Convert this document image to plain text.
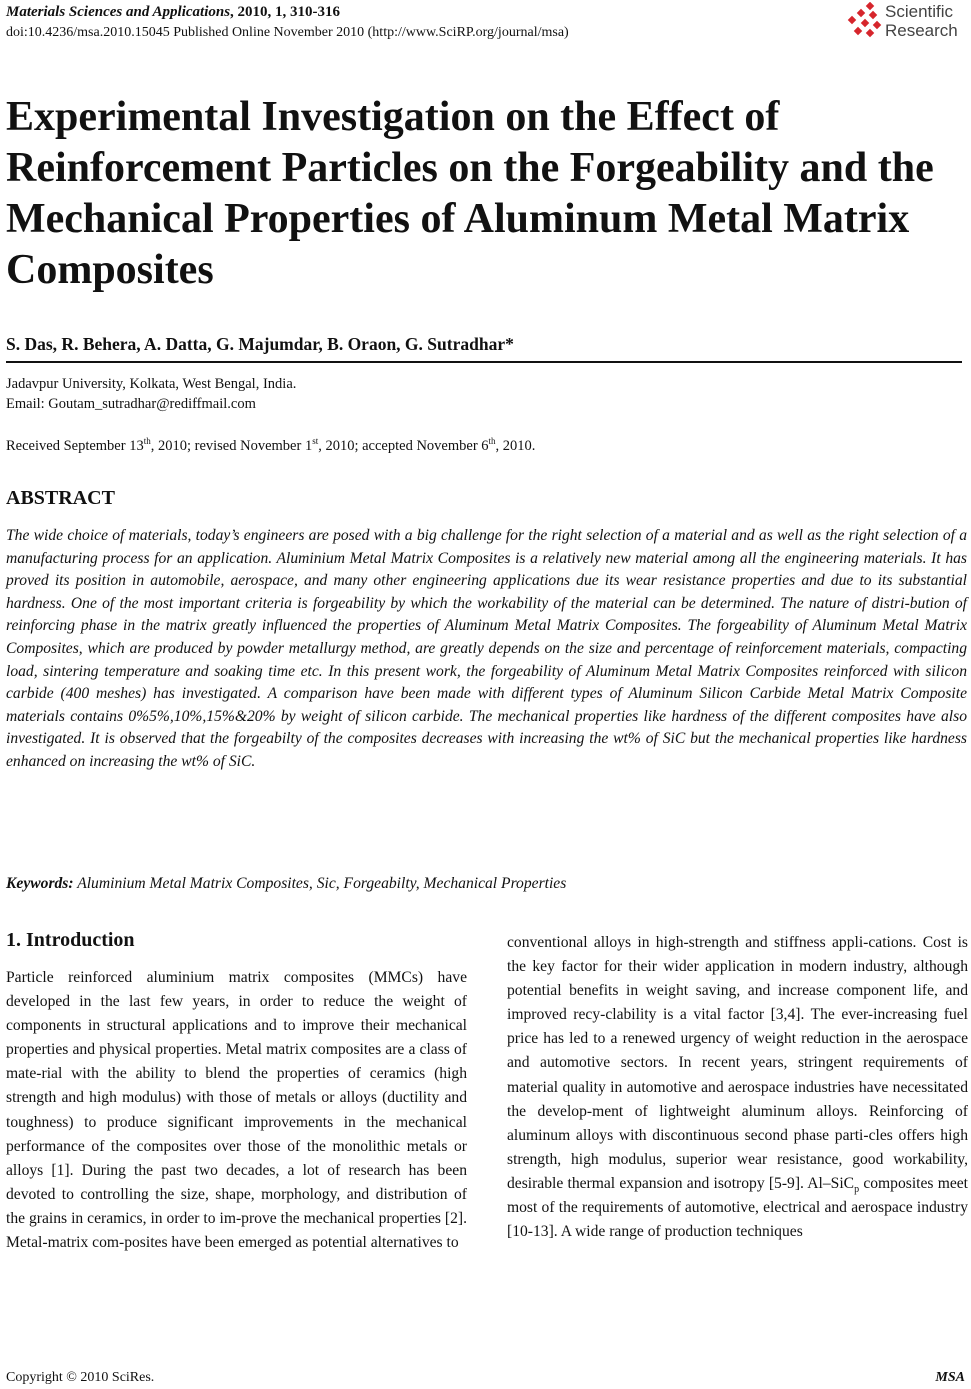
Materials Sciences and Applications, 2010, 1, 310-316
doi:10.4236/msa.2010.15045 Published Online November 2010 (http://www.SciRP.org/journal/msa)
Scientific
Research
Experimental Investigation on the Effect of Reinforcement Particles on the Forgeability and the Mechanical Properties of Aluminum Metal Matrix Composites
S. Das, R. Behera, A. Datta, G. Majumdar, B. Oraon, G. Sutradhar*
Jadavpur University, Kolkata, West Bengal, India.
Email: Goutam_sutradhar@rediffmail.com
Received September 13th, 2010; revised November 1st, 2010; accepted November 6th, 2010.
ABSTRACT

The wide choice of materials, today’s engineers are posed with a big challenge for the right selection of a material and as well as the right selection of a manufacturing process for an application. Aluminium Metal Matrix Composites is a relatively new material among all the engineering materials. It has proved its position in automobile, aerospace, and many other engineering applications due its wear resistance properties and due to its substantial hardness. One of the most important criteria is forgeability by which the workability of the material can be determined. The nature of distri-bution of reinforcing phase in the matrix greatly influenced the properties of Aluminum Metal Matrix Composites. The forgeability of Aluminum Metal Matrix Composites, which are produced by powder metallurgy method, are greatly depends on the size and percentage of reinforcement materials, compacting load, sintering temperature and soaking time etc. In this present work, the forgeability of Aluminum Metal Matrix Composites reinforced with silicon carbide (400 meshes) has investigated. A comparison have been made with different types of Aluminum Silicon Carbide Metal Matrix Composite materials contains 0%5%,10%,15%&20% by weight of silicon carbide. The mechanical properties like hardness of the different composites have also investigated. It is observed that the forgeabilty of the composites decreases with increasing the wt% of SiC but the mechanical properties like hardness enhanced on increasing the wt% of SiC.

Keywords: Aluminium Metal Matrix Composites, Sic, Forgeabilty, Mechanical Properties
1. Introduction

Particle reinforced aluminium matrix composites (MMCs) have developed in the last few years, in order to reduce the weight of components in structural applications and to improve their mechanical properties and physical properties. Metal matrix composites are a class of mate-rial with the ability to blend the properties of ceramics (high strength and high modulus) with those of metals or alloys (ductility and toughness) to produce significant improvements in the mechanical performance of the composites over those of the monolithic metals or alloys [1]. During the past two decades, a lot of research has been devoted to controlling the size, shape, morphology, and distribution of the grains in ceramics, in order to im-prove the mechanical properties [2]. Metal-matrix com-posites have been emerged as potential alternatives to

conventional alloys in high-strength and stiffness appli-cations. Cost is the key factor for their wider application in modern industry, although potential benefits in weight saving, and increase component life, and improved recy-clability is a vital factor [3,4]. The ever-increasing fuel price has led to a renewed urgency of weight reduction in the aerospace and automotive sectors. In recent years, stringent requirements of material quality in automotive and aerospace industries have necessitated the develop-ment of lightweight aluminum alloys. Reinforcing of aluminum alloys with discontinuous second phase parti-cles offers high strength, high modulus, superior wear resistance, good workability, desirable thermal expansion and isotropy [5-9]. Al–SiC$_p$ composites meet most of the requirements of automotive, electrical and aerospace industry [10-13]. A wide range of production techniques

Copyright © 2010 SciRes.	MSA
